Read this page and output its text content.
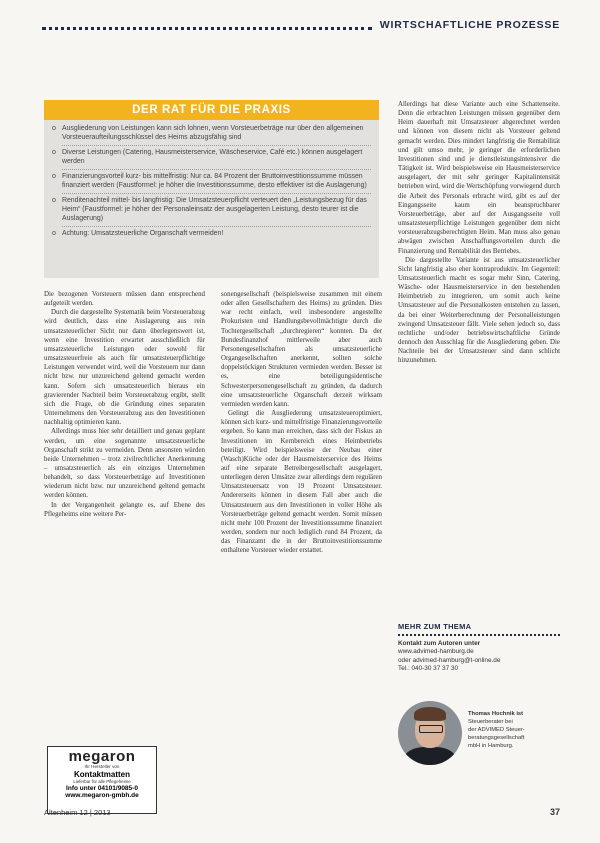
WIRTSCHAFTLICHE PROZESSE
DER RAT FÜR DIE PRAXIS
o Ausgliederung von Leistungen kann sich lohnen, wenn Vorsteuerbeträge nur über den allgemeinen Vorsteueraufteilungsschlüssel des Heims abzugsfähig sind
o Diverse Leistungen (Catering, Hausmeisterservice, Wäscheservice, Café etc.) können ausgelagert werden
o Finanzierungsvorteil kurz- bis mittelfristig: Nur ca. 84 Prozent der Bruttoinvestitionssumme müssen finanziert werden (Faustformel: je höher die Investitionssumme, desto effektiver ist die Auslagerung)
o Renditenachteil mittel- bis langfristig: Die Umsatzsteuerpflicht verteuert den „Leistungsbezug für das Heim“ (Faustformel: je höher der Personaleinsatz der ausgelagerten Leistung, desto teurer ist die Auslagerung)
o Achtung: Umsatzsteuerliche Organschaft vermeiden!

Die bezogenen Vorsteuern müssen dann entsprechend aufgeteilt werden.

Durch die dargestellte Systematik beim Vorsteuerabzug wird deutlich, dass eine Auslagerung aus rein umsatzsteuerlicher Sicht nur dann überlegenswert ist, wenn eine Investition erwartet ausschließlich für umsatzsteuerliche Leistungen oder sowohl für umsatzsteuerfreie als auch für umsatzsteuerpflichtige Leistungen verwendet wird, weil die Vorsteuern nur dann nicht bzw. nur unzureichend geltend gemacht werden kann. Sofern sich umsatzsteuerlich hieraus ein gravierender Nachteil beim Vorsteuerabzug ergibt, stellt sich die Frage, ob die Gründung eines separaten Unternehmens den Vorsteuerabzug aus den Investitionen nachhaltig optimieren kann.

Allerdings muss hier sehr detailliert und genau geplant werden, um eine sogenannte umsatzsteuerliche Organschaft strikt zu vermeiden. Denn ansonsten würden beide Unternehmen – trotz zivilrechtlicher Anerkennung – umsatzsteuerlich als ein einziges Unternehmen behandelt, so dass Vorsteuerbeträge auf Investitionen wiederum nicht bzw. nur unzureichend geltend gemacht werden können.

In der Vergangenheit gelangte es, auf Ebene des Pflegeheims eine weitere Per-

sonengesellschaft (beispielsweise zusammen mit einem oder allen Gesellschaftern des Heims) zu gründen. Dies war recht einfach, weil insbesondere angestellte Prokuristen und Handlungsbevollmächtigte durch die Tochtergesellschaft „durchregieren“ konnten. Da der Bundesfinanzhof mittlerweile aber auch Personengesellschaften als umsatzsteuerliche Organgesellschaften anerkennt, sollten solche doppelstöckigen Strukturen vermieden werden. Besser ist es, eine beteiligungsidentische Schwesterpersonengesellschaft zu gründen, da dadurch eine umsatzsteuerliche Organschaft derzeit wirksam vermieden werden kann.

Gelingt die Ausgliederung umsatzsteueroptimiert, können sich kurz- und mittelfristige Finanzierungsvorteile ergeben. So kann man erreichen, dass sich der Fiskus an Investitionen im Kernbereich eines Heimbetriebs beteiligt. Wird beispielsweise der Neubau einer (Wasch)Küche oder der Hausmeisterservice des Heims auf eine separate Betreibergesellschaft ausgelagert, unterliegen deren Umsätze zwar allerdings dem regulären Umsatzsteuersatz von 19 Prozent Umsatzsteuer. Andererseits können in diesem Fall aber auch die Umsatzsteuern aus den Investitionen in voller Höhe als Vorsteuerbeträge geltend gemacht werden. Somit müssen nicht mehr 100 Prozent der Investitionssumme finanziert werden, sondern nur noch lediglich rund 84 Prozent, da das Finanzamt die in der Bruttoinvestitionssumme enthaltene Vorsteuer wieder erstattet.

Allerdings hat diese Variante auch eine Schattenseite. Denn die erbrachten Leistungen müssen gegenüber dem Heim dauerhaft mit Umsatzsteuer abgerechnet werden und können von diesem nicht als Vorsteuer geltend gemacht werden. Dies mindert langfristig die Rentabilität und gilt umso mehr, je geringer die erforderlichen Investitionen sind und je dienstleistungsintensiver die Tätigkeit ist. Wird beispielsweise ein Hausmeisterservice ausgelagert, der mit sehr geringer Kapitalintensität betrieben wird, wird die Wertschöpfung vorwiegend durch die Arbeit des Personals erbracht wird, gibt es auf der Eingangsseite kaum ein beanspruchbarer Vorsteuerbeträge, aber auf der Ausgangsseite voll umsatzsteuerpflichtige Leistungen gegenüber dem nicht vorsteuerabzugsberechtigten Heim. Man muss also genau abwägen zwischen Anschaffungsvorteilen durch die Finanzierung und Rentabilität des Betriebes.

Die dargestellte Variante ist aus umsatzsteuerlicher Sicht langfristig also eher kontraproduktiv. Im Gegenteil: Umsatzsteuerlich macht es sogar mehr Sinn, Catering, Wäsche- oder Hausmeisterservice in den bestehenden Heimbetrieb zu integrieren, um somit auch keine Umsatzsteuer auf die Personalkosten entstehen zu lassen, da bei einer Weiterberechnung der Personalleistungen zwingend Umsatzsteuer fällt. Viele sehen jedoch so, dass rechtliche und/oder betriebswirtschaftliche Gründe dennoch den Ausschlag für die Ausgliederung geben. Die Nachteile bei der Umsatzsteuer sind dann schlicht hinzunehmen.

megaron
Ihr Hersteller von
Kontaktmatten
Lieferbar für alle Pflegeheime
Info unter 04101/9085-0
www.megaron-gmbh.de
MEHR ZUM THEMA
Kontakt zum Autoren unter
www.advimed-hamburg.de
oder advimed-hamburg@t-online.de
Tel.: 040-30 37 37 30
Thomas Hochnik ist
Steuerberater bei
der ADVIMED Steuer-
beratungsgesellschaft
mbH in Hamburg.
Altenheim 12 | 2013	37
